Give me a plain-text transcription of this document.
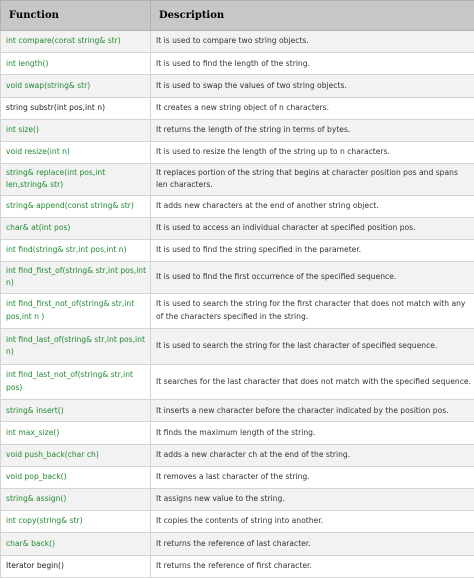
Function	Description
int compare(const string& str)	It is used to compare two string objects.
int length()	It is used to find the length of the string.
void swap(string& str)	It is used to swap the values of two string objects.
string substr(int pos,int n)	It creates a new string object of n characters.
int size()	It returns the length of the string in terms of bytes.
void resize(int n)	It is used to resize the length of the string up to n characters.
string& replace(int pos,int len,string& str)	It replaces portion of the string that begins at character position pos and spans len characters.
string& append(const string& str)	It adds new characters at the end of another string object.
char& at(int pos)	It is used to access an individual character at specified position pos.
int find(string& str,int pos,int n)	It is used to find the string specified in the parameter.
int find_first_of(string& str,int pos,int n)	It is used to find the first occurrence of the specified sequence.
int find_first_not_of(string& str,int pos,int n )	It is used to search the string for the first character that does not match with any of the characters specified in the string.
int find_last_of(string& str,int pos,int n)	It is used to search the string for the last character of specified sequence.
int find_last_not_of(string& str,int pos)	It searches for the last character that does not match with the specified sequence.
string& insert()	It inserts a new character before the character indicated by the position pos.
int max_size()	It finds the maximum length of the string.
void push_back(char ch)	It adds a new character ch at the end of the string.
void pop_back()	It removes a last character of the string.
string& assign()	It assigns new value to the string.
int copy(string& str)	It copies the contents of string into another.
char& back()	It returns the reference of last character.
Iterator begin()	It returns the reference of first character.
